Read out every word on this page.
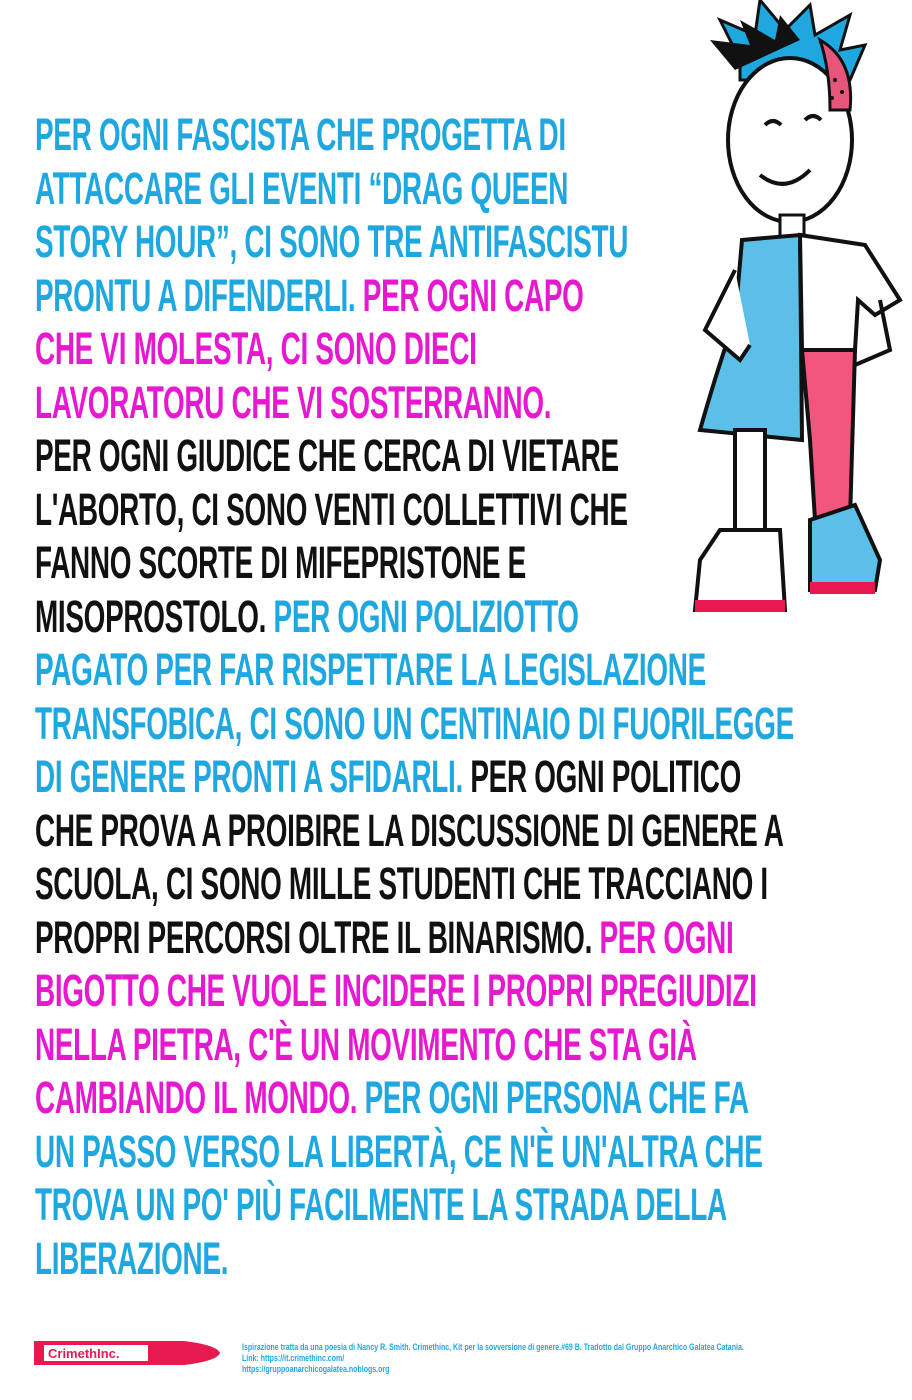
PER OGNI FASCISTA CHE PROGETTA DI
ATTACCARE GLI EVENTI “DRAG QUEEN
STORY HOUR”, CI SONO TRE ANTIFASCISTU
PRONTU A DIFENDERLI. PER OGNI CAPO
CHE VI MOLESTA, CI SONO DIECI
LAVORATORU CHE VI SOSTERRANNO.
PER OGNI GIUDICE CHE CERCA DI VIETARE
L'ABORTO, CI SONO VENTI COLLETTIVI CHE
FANNO SCORTE DI MIFEPRISTONE E
MISOPROSTOLO. PER OGNI POLIZIOTTO
PAGATO PER FAR RISPETTARE LA LEGISLAZIONE
TRANSFOBICA, CI SONO UN CENTINAIO DI FUORILEGGE
DI GENERE PRONTI A SFIDARLI. PER OGNI POLITICO
CHE PROVA A PROIBIRE LA DISCUSSIONE DI GENERE A
SCUOLA, CI SONO MILLE STUDENTI CHE TRACCIANO I
PROPRI PERCORSI OLTRE IL BINARISMO. PER OGNI
BIGOTTO CHE VUOLE INCIDERE I PROPRI PREGIUDIZI
NELLA PIETRA, C'È UN MOVIMENTO CHE STA GIÀ
CAMBIANDO IL MONDO. PER OGNI PERSONA CHE FA
UN PASSO VERSO LA LIBERTÀ, CE N'È UN'ALTRA CHE
TROVA UN PO' PIÙ FACILMENTE LA STRADA DELLA
LIBERAZIONE.
CrimethInc.	Ispirazione tratta da una poesia di Nancy R. Smith. Crimethinc, Kit per la sovversione di genere.#69 B. Tradotto dal Gruppo Anarchico Galatea Catania.
Link: https://it.crimethinc.com/
https://gruppoanarchicogalatea.noblogs.org
